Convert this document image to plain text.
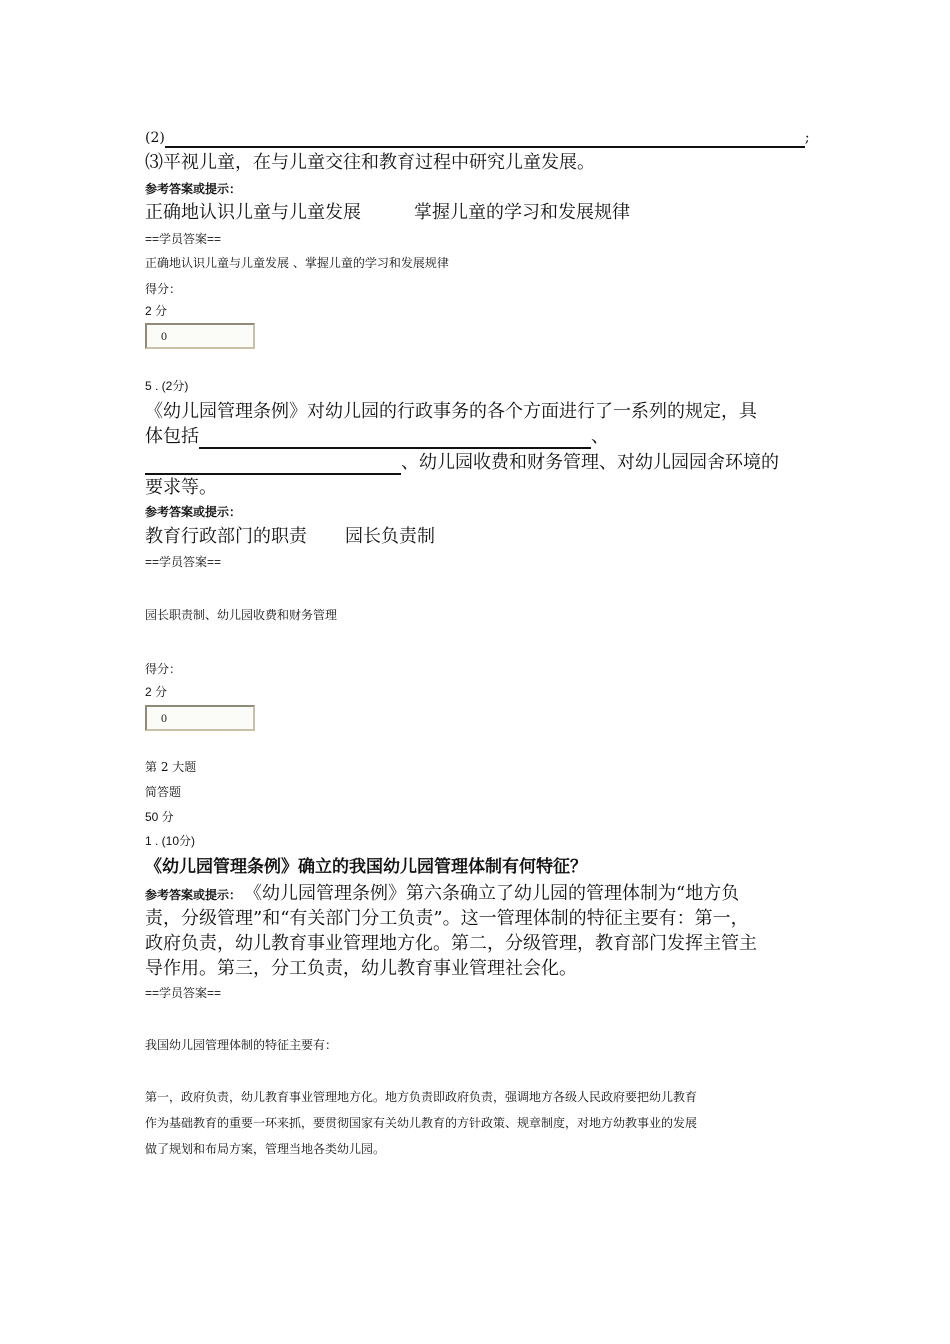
(2)	;
⑶平视儿童，在与儿童交往和教育过程中研究儿童发展。
参考答案或提示：
正确地认识儿童与儿童发展	掌握儿童的学习和发展规律
==学员答案==
正确地认识儿童与儿童发展 、掌握儿童的学习和发展规律
得分：
2 分
0
5 . (2分)
《幼儿园管理条例》对幼儿园的行政事务的各个方面进行了一系列的规定，具
体包括	、
、幼儿园收费和财务管理、对幼儿园园舍环境的
要求等。
参考答案或提示：
教育行政部门的职责 园长负责制
==学员答案==
园长职责制、幼儿园收费和财务管理
得分：
2 分
0
第 2 大题
简答题
50 分
1 . (10分)
《幼儿园管理条例》确立的我国幼儿园管理体制有何特征？
参考答案或提示： 《幼儿园管理条例》第六条确立了幼儿园的管理体制为“地方负
责，分级管理”和“有关部门分工负责”。这一管理体制的特征主要有：第一，
政府负责，幼儿教育事业管理地方化。第二，分级管理，教育部门发挥主管主
导作用。第三，分工负责，幼儿教育事业管理社会化。
==学员答案==
我国幼儿园管理体制的特征主要有：
第一，政府负责，幼儿教育事业管理地方化。地方负责即政府负责，强调地方各级人民政府要把幼儿教育
作为基础教育的重要一环来抓，要贯彻国家有关幼儿教育的方针政策、规章制度，对地方幼教事业的发展
做了规划和布局方案，管理当地各类幼儿园。
